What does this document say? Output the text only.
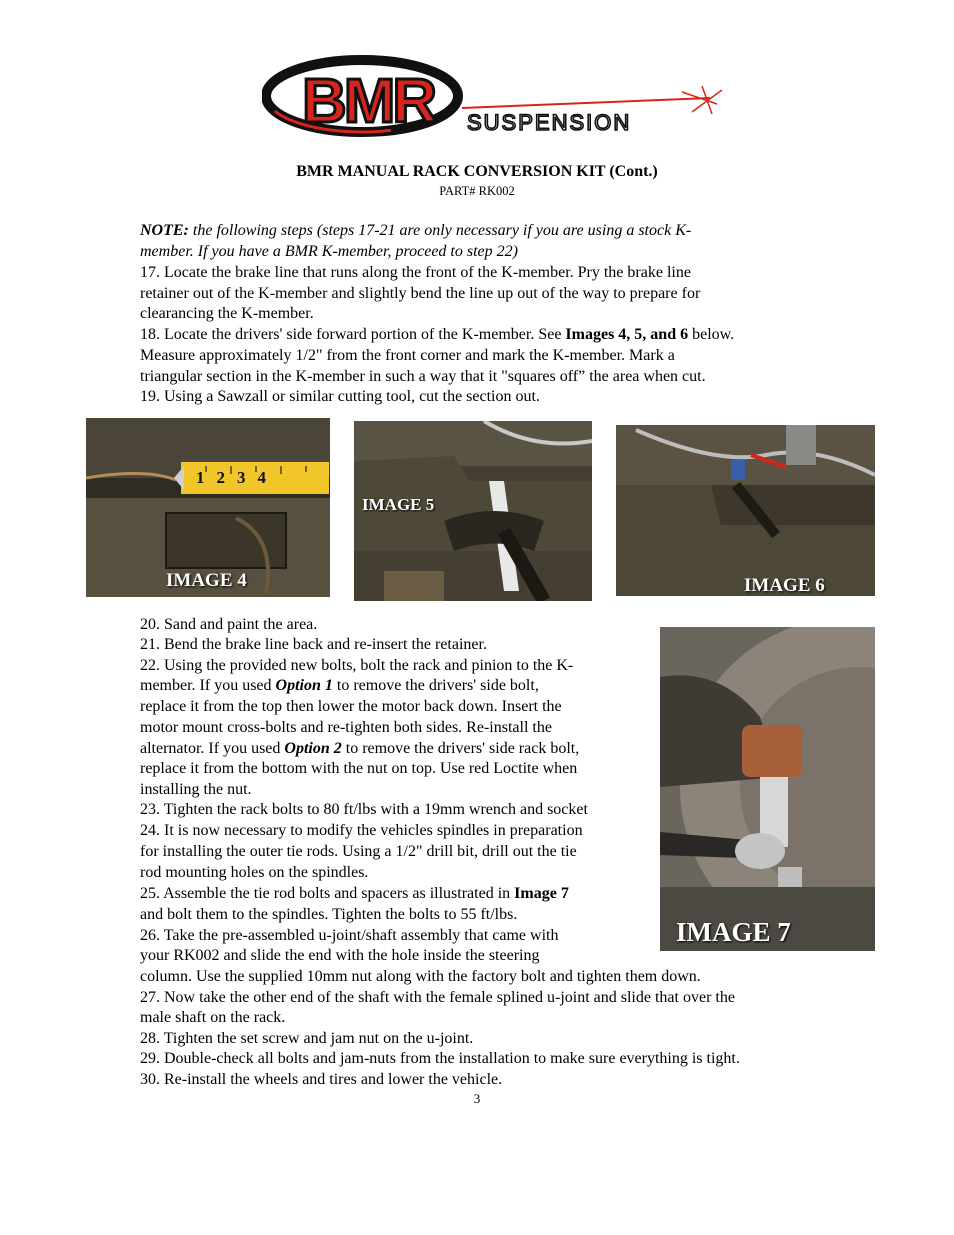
BMR SUSPENSION
BMR MANUAL RACK CONVERSION KIT (Cont.)
PART# RK002
NOTE: the following steps (steps 17-21 are only necessary if you are using a stock K-
member. If you have a BMR K-member, proceed to step 22)
17. Locate the brake line that runs along the front of the K-member. Pry the brake line
retainer out of the K-member and slightly bend the line up out of the way to prepare for
clearancing the K-member.
18. Locate the drivers' side forward portion of the K-member. See Images 4, 5, and 6 below.
Measure approximately 1/2" from the front corner and mark the K-member. Mark a
triangular section in the K-member in such a way that it "squares off” the area when cut.
19. Using a Sawzall or similar cutting tool, cut the section out.
1234
IMAGE 4
IMAGE 5
IMAGE 6
20. Sand and paint the area.
21. Bend the brake line back and re-insert the retainer.
22. Using the provided new bolts, bolt the rack and pinion to the K-
member. If you used Option 1 to remove the drivers' side bolt,
replace it from the top then lower the motor back down. Insert the
motor mount cross-bolts and re-tighten both sides. Re-install the
alternator. If you used Option 2 to remove the drivers' side rack bolt,
replace it from the bottom with the nut on top. Use red Loctite when
installing the nut.
23. Tighten the rack bolts to 80 ft/lbs with a 19mm wrench and socket
24. It is now necessary to modify the vehicles spindles in preparation
for installing the outer tie rods. Using a 1/2" drill bit, drill out the tie
rod mounting holes on the spindles.
25. Assemble the tie rod bolts and spacers as illustrated in Image 7
and bolt them to the spindles. Tighten the bolts to 55 ft/lbs.
26. Take the pre-assembled u-joint/shaft assembly that came with
your RK002 and slide the end with the hole inside the steering
column. Use the supplied 10mm nut along with the factory bolt and tighten them down.
27. Now take the other end of the shaft with the female splined u-joint and slide that over the
male shaft on the rack.
28. Tighten the set screw and jam nut on the u-joint.
29. Double-check all bolts and jam-nuts from the installation to make sure everything is tight.
30. Re-install the wheels and tires and lower the vehicle.
IMAGE 7
3
